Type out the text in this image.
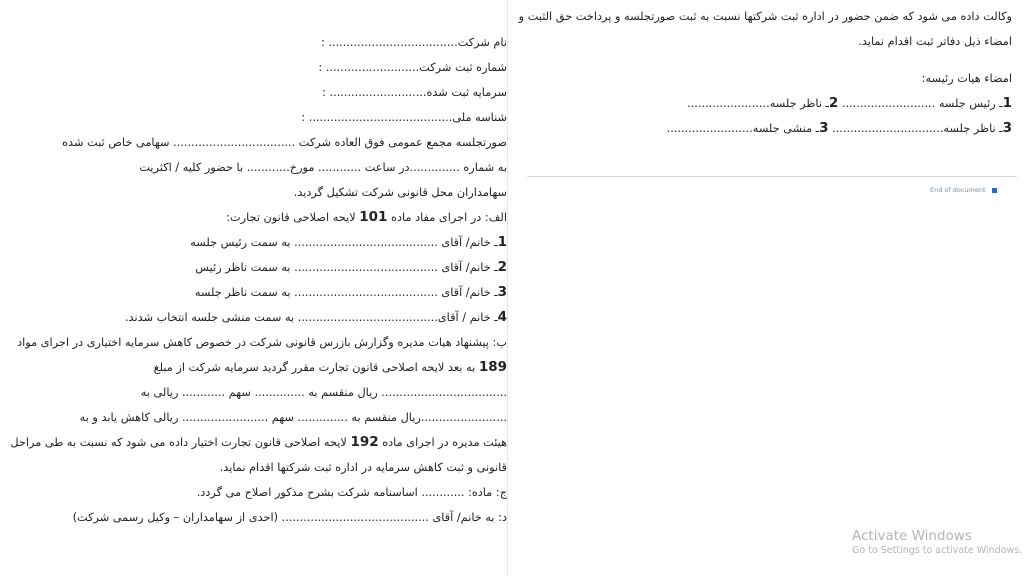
نام شرکت.................................... :
شماره ثبت شرکت.......................... :
سرمایه ثبت شده........................... :
شناسه ملی........................................ :
صورتجلسه مجمع عمومی فوق العاده شرکت .................................. سهامی خاص ثبت شده
به شماره ..............در ساعت ............ مورخ............ با حضور کلیه / اکثریت
سهامداران محل قانونی شرکت تشکیل گردید.
الف: در اجرای مفاد ماده 101 لایحه اصلاحی قانون تجارت:
1ـ خانم/ آقای ........................................ به سمت رئیس جلسه
2ـ خانم/ آقای ........................................ به سمت ناظر رئیس
3ـ خانم/ آقای ........................................ به سمت ناظر جلسه
4ـ خانم / آقای....................................... به سمت منشی جلسه انتخاب شدند.
ب: پیشنهاد هیات مدیره وگزارش بازرس قانونی شرکت در خصوص کاهش سرمایه اختیاری در اجرای مواد
189 به بعد لایحه اصلاحی قانون تجارت مقرر گردید سرمایه شرکت از مبلغ
................................... ریال منقسم به .............. سهم ............ ریالی به
........................ریال منقسم به .............. سهم ........................ ریالی کاهش یابد و به
هیئت مدیره در اجرای ماده 192 لایحه اصلاحی قانون تجارت اختیار داده می شود که نسبت به طی مراحل
قانونی و ثبت کاهش سرمایه در اداره ثبت شرکتها اقدام نماید.
ج: ماده: ............ اساسنامه شرکت بشرح مذکور اصلاح می گردد.
د: به خانم/ آقای ......................................... (احدی از سهامداران – وکیل رسمی شرکت)
وکالت داده می شود که ضمن حضور در اداره ثبت شرکتها نسبت به ثبت صورتجلسه و پرداخت حق الثبت و
امضاء ذیل دفاتر ثبت اقدام نماید.
امضاء هیات رئیسه:
1ـ رئیس جلسه .......................... 2ـ ناظر جلسه.......................
3ـ ناظر جلسه............................... 3ـ منشی جلسه........................
End of document
Activate Windows
Go to Settings to activate Windows.
